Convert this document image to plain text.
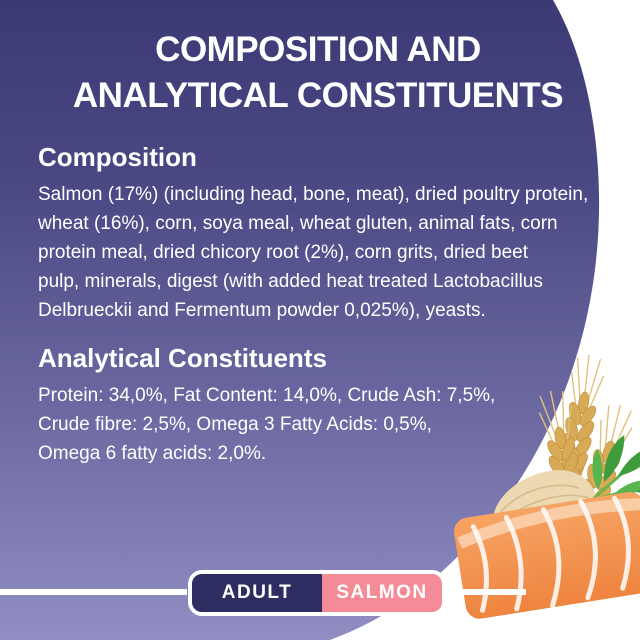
COMPOSITION AND
ANALYTICAL CONSTITUENTS
Composition
Salmon (17%) (including head, bone, meat), dried poultry protein,
wheat (16%), corn, soya meal, wheat gluten, animal fats, corn
protein meal, dried chicory root (2%), corn grits, dried beet
pulp, minerals, digest (with added heat treated Lactobacillus
Delbrueckii and Fermentum powder 0,025%), yeasts.
Analytical Constituents
Protein: 34,0%, Fat Content: 14,0%, Crude Ash: 7,5%,
Crude fibre: 2,5%, Omega 3 Fatty Acids: 0,5%,
Omega 6 fatty acids: 2,0%.
ADULT SALMON
